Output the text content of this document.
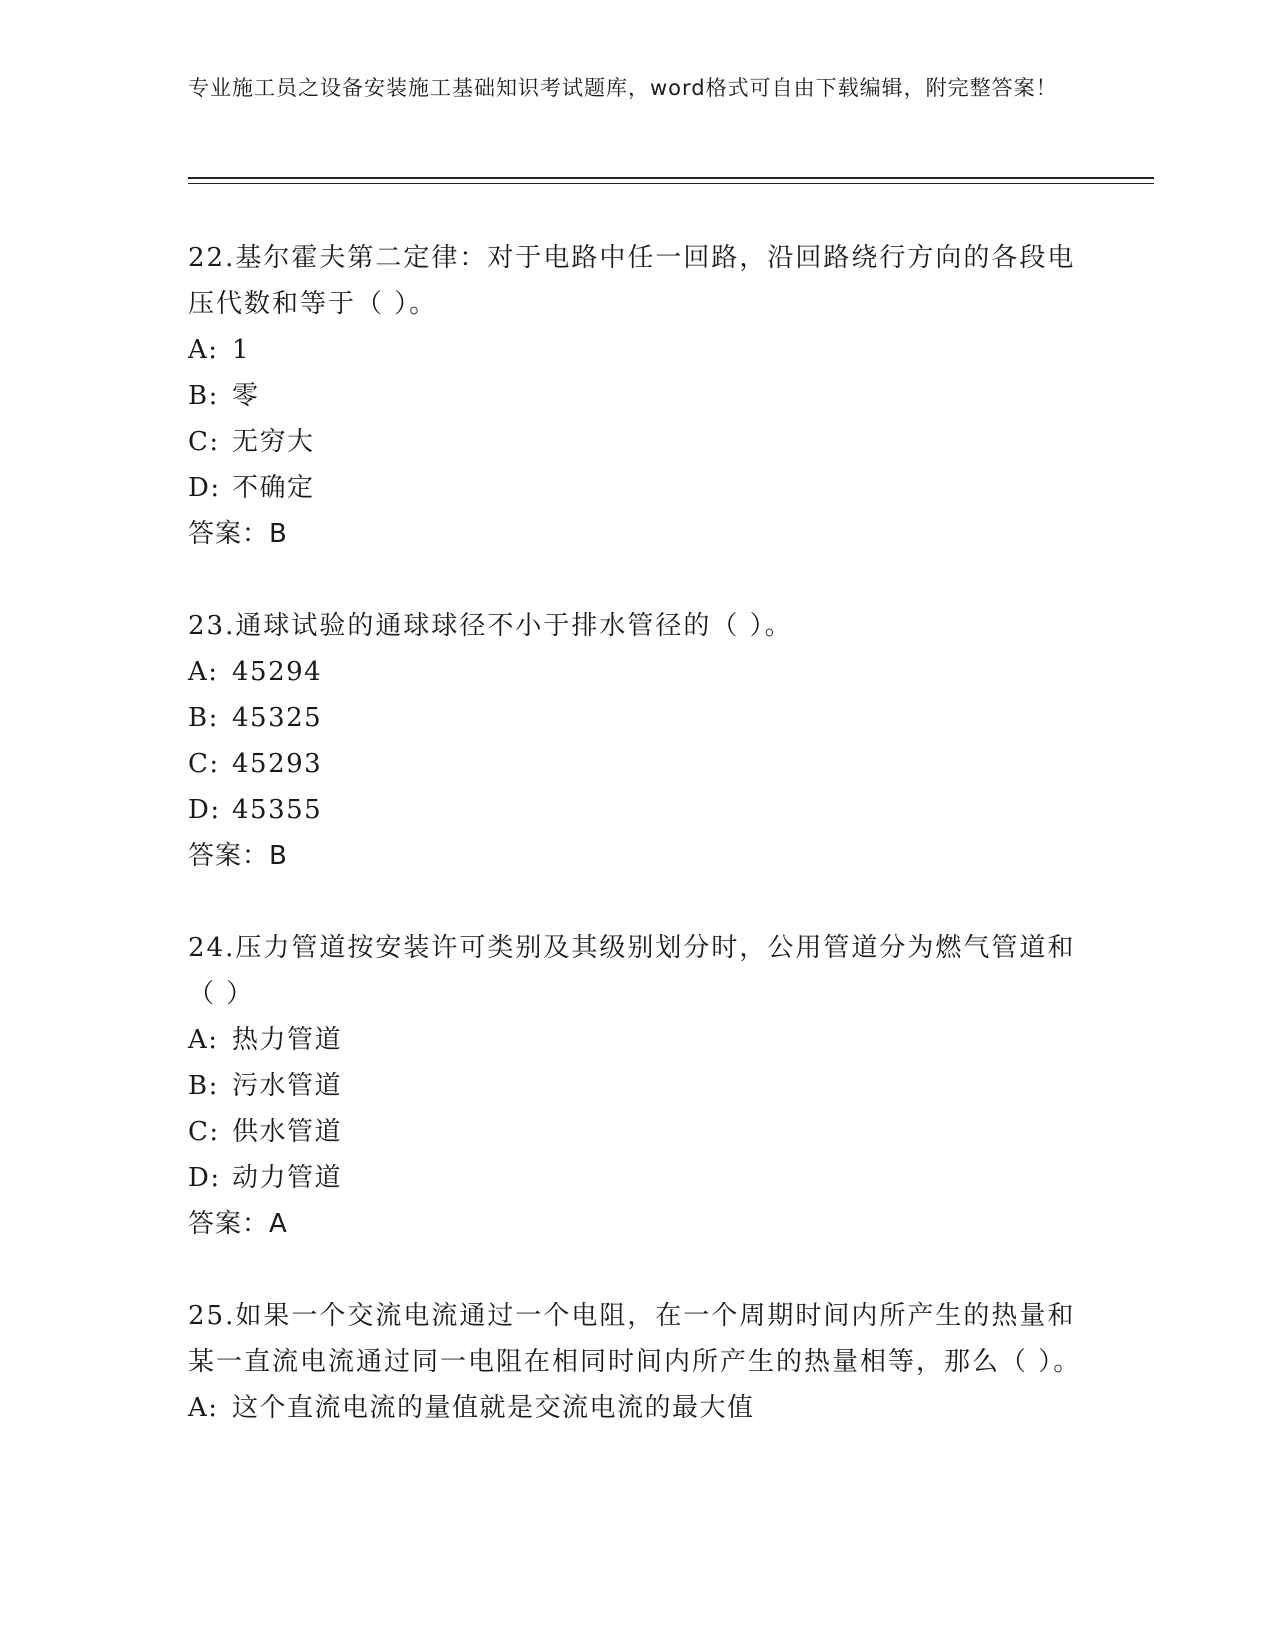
专业施工员之设备安装施工基础知识考试题库，word格式可自由下载编辑，附完整答案！

22.基尔霍夫第二定律：对于电路中任一回路，沿回路绕行方向的各段电压代数和等于（ ）。

A: 1

B: 零

C: 无穷大

D: 不确定

答案：B

23.通球试验的通球球径不小于排水管径的（ ）。

A: 45294

B: 45325

C: 45293

D: 45355

答案：B

24.压力管道按安装许可类别及其级别划分时，公用管道分为燃气管道和（ ）

A: 热力管道

B: 污水管道

C: 供水管道

D: 动力管道

答案：A

25.如果一个交流电流通过一个电阻，在一个周期时间内所产生的热量和某一直流电流通过同一电阻在相同时间内所产生的热量相等，那么（ ）。

A: 这个直流电流的量值就是交流电流的最大值
